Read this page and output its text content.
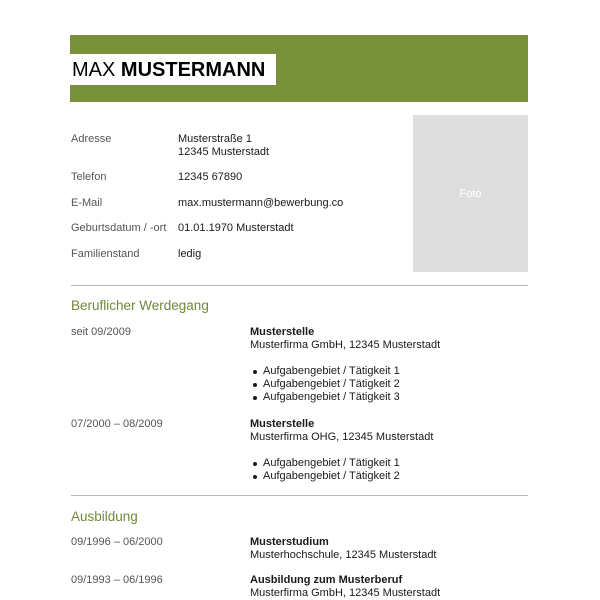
MAX MUSTERMANN
Foto
Adresse	Musterstraße 1
12345 Musterstadt
Telefon	12345 67890
E-Mail	max.mustermann@bewerbung.co
Geburtsdatum / -ort	01.01.1970 Musterstadt
Familienstand	ledig
Beruflicher Werdegang
seit 09/2009	Musterstelle
Musterfirma GmbH, 12345 Musterstadt
Aufgabengebiet / Tätigkeit 1
Aufgabengebiet / Tätigkeit 2
Aufgabengebiet / Tätigkeit 3
07/2000 – 08/2009	Musterstelle
Musterfirma OHG, 12345 Musterstadt
Aufgabengebiet / Tätigkeit 1
Aufgabengebiet / Tätigkeit 2
Ausbildung
09/1996 – 06/2000	Musterstudium
Musterhochschule, 12345 Musterstadt
09/1993 – 06/1996	Ausbildung zum Musterberuf
Musterfirma GmbH, 12345 Musterstadt
